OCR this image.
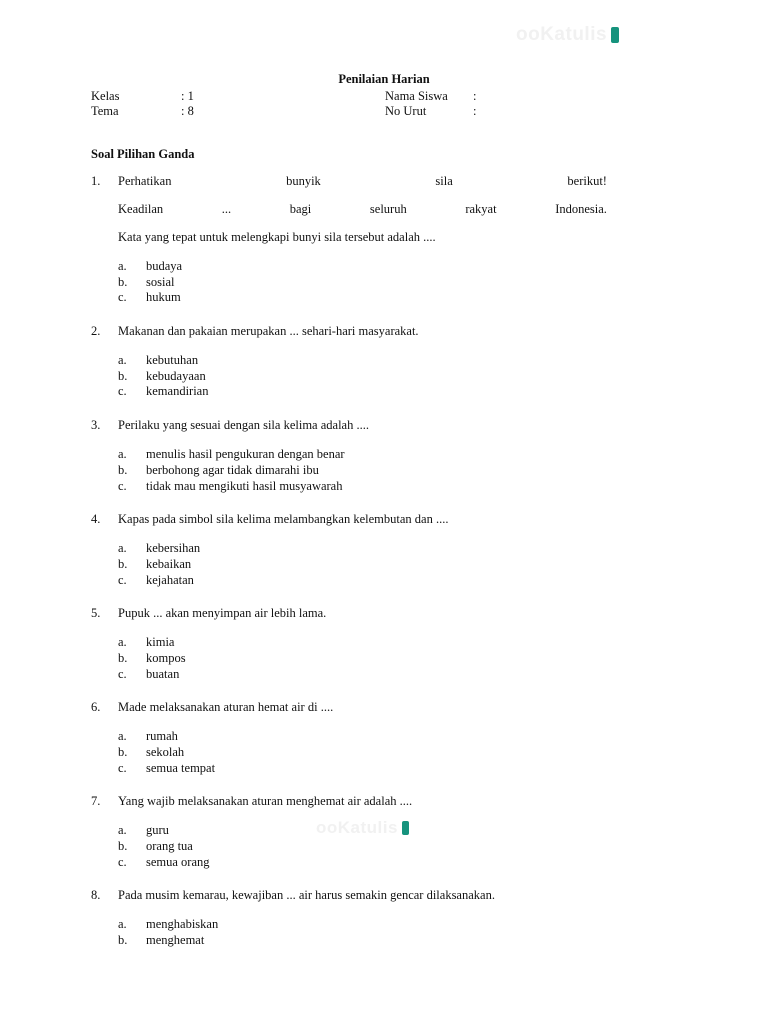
ooKatulis
ooKatulis
Penilaian Harian
Kelas	: 1
Tema	: 8
Nama Siswa :
No Urut	:
Soal Pilihan Ganda
1.	Perhatikan	bunyik	sila	berikut!
Keadilan	...	bagi	seluruh	rakyat	Indonesia.
Kata yang tepat untuk melengkapi bunyi sila tersebut adalah ....
a.	budaya
b.	sosial
c.	hukum
2.	Makanan dan pakaian merupakan ... sehari-hari masyarakat.
a.	kebutuhan
b.	kebudayaan
c.	kemandirian
3.	Perilaku yang sesuai dengan sila kelima adalah ....
a.	menulis hasil pengukuran dengan benar
b.	berbohong agar tidak dimarahi ibu
c.	tidak mau mengikuti hasil musyawarah
4.	Kapas pada simbol sila kelima melambangkan kelembutan dan ....
a.	kebersihan
b.	kebaikan
c.	kejahatan
5.	Pupuk ... akan menyimpan air lebih lama.
a.	kimia
b.	kompos
c.	buatan
6.	Made melaksanakan aturan hemat air di ....
a.	rumah
b.	sekolah
c.	semua tempat
7.	Yang wajib melaksanakan aturan menghemat air adalah ....
a.	guru
b.	orang tua
c.	semua orang
8.	Pada musim kemarau, kewajiban ... air harus semakin gencar dilaksanakan.
a.	menghabiskan
b.	menghemat
